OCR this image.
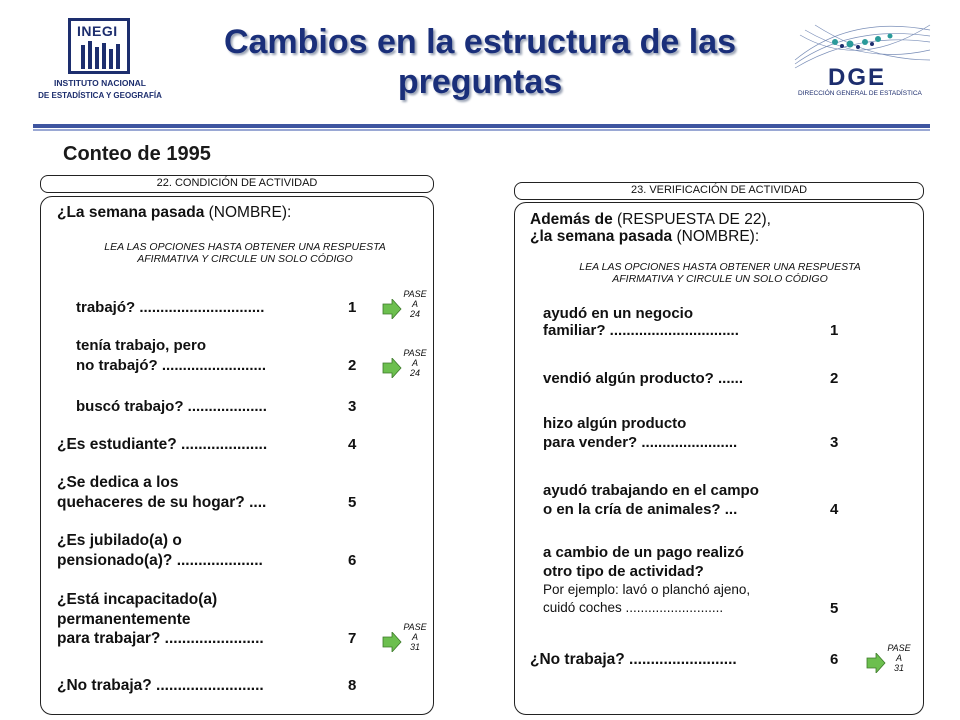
INEGI
INSTITUTO NACIONAL
DE ESTADÍSTICA Y GEOGRAFÍA
Cambios en la estructura de las preguntas	DGE
DIRECCIÓN GENERAL DE ESTADÍSTICA
Conteo de 1995
22. CONDICIÓN DE ACTIVIDAD
¿La semana pasada (NOMBRE):
LEA LAS OPCIONES HASTA OBTENER UNA RESPUESTA
AFIRMATIVA Y CIRCULE UN SOLO CÓDIGO
trabajó? ..............................	1
tenía trabajo, pero
no trabajó? .........................	2
buscó trabajo? ...................	3
¿Es estudiante? ....................	4
¿Se dedica a los
quehaceres de su hogar? ....	5
¿Es jubilado(a) o
pensionado(a)? ....................	6
¿Está incapacitado(a)
permanentemente
para trabajar? .......................	7
¿No trabaja? .........................	8
PASE
A
24
PASE
A
24
PASE
A
31
23. VERIFICACIÓN DE ACTIVIDAD
Además de (RESPUESTA DE 22),
¿la semana pasada (NOMBRE):
LEA LAS OPCIONES HASTA OBTENER UNA RESPUESTA
AFIRMATIVA Y CIRCULE UN SOLO CÓDIGO
ayudó en un negocio
familiar? ...............................	1
vendió algún producto? ......	2
hizo algún producto
para vender? .......................	3
ayudó trabajando en el campo
o en la cría de animales? ...	4
a cambio de un pago realizó
otro tipo de actividad?
Por ejemplo: lavó o planchó ajeno,
cuidó coches ..........................	5
¿No trabaja? .........................	6
PASE
A
31
